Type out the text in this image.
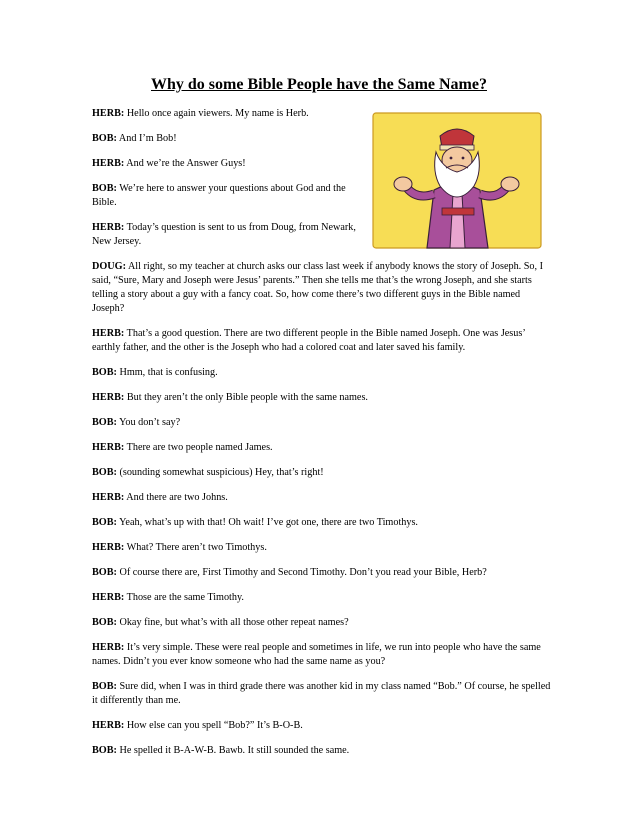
Why do some Bible People have the Same Name?

HERB: Hello once again viewers. My name is Herb.

BOB: And I’m Bob!

HERB: And we’re the Answer Guys!

BOB: We’re here to answer your questions about God and the Bible.

HERB: Today’s question is sent to us from Doug, from Newark, New Jersey.

DOUG: All right, so my teacher at church asks our class last week if anybody knows the story of Joseph. So, I said, “Sure, Mary and Joseph were Jesus’ parents.” Then she tells me that’s the wrong Joseph, and she starts telling a story about a guy with a fancy coat. So, how come there’s two different guys in the Bible named Joseph?

HERB: That’s a good question. There are two different people in the Bible named Joseph. One was Jesus’ earthly father, and the other is the Joseph who had a colored coat and later saved his family.

BOB: Hmm, that is confusing.

HERB: But they aren’t the only Bible people with the same names.

BOB: You don’t say?

HERB: There are two people named James.

BOB: (sounding somewhat suspicious) Hey, that’s right!

HERB: And there are two Johns.

BOB: Yeah, what’s up with that! Oh wait! I’ve got one, there are two Timothys.

HERB: What? There aren’t two Timothys.

BOB: Of course there are, First Timothy and Second Timothy. Don’t you read your Bible, Herb?

HERB: Those are the same Timothy.

BOB: Okay fine, but what’s with all those other repeat names?

HERB: It’s very simple. These were real people and sometimes in life, we run into people who have the same names. Didn’t you ever know someone who had the same name as you?

BOB: Sure did, when I was in third grade there was another kid in my class named “Bob.” Of course, he spelled it differently than me.

HERB: How else can you spell “Bob?” It’s B-O-B.

BOB: He spelled it B-A-W-B. Bawb. It still sounded the same.
